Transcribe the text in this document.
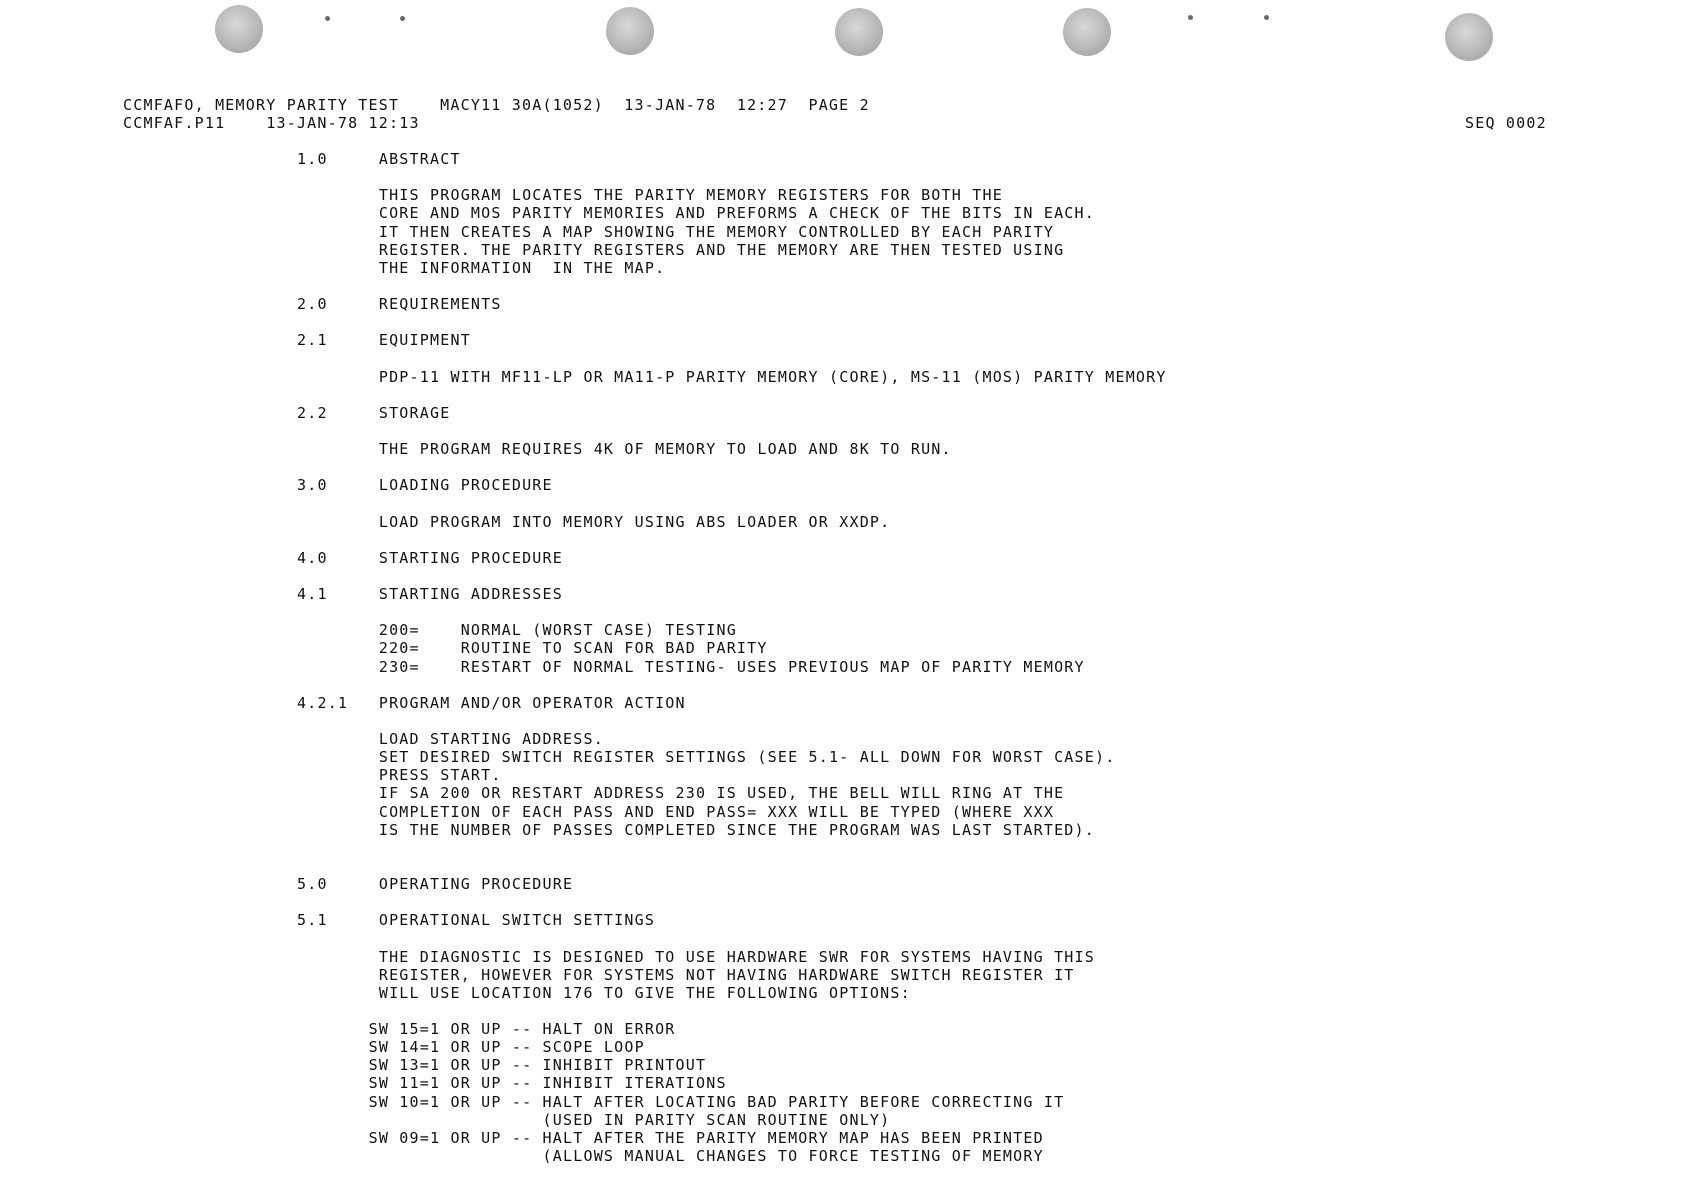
CCMFAFO, MEMORY PARITY TEST    MACY11 30A(1052)  13-JAN-78  12:27  PAGE 2
CCMFAF.P11    13-JAN-78 12:13	SEQ 0002
1.0     ABSTRACT
THIS PROGRAM LOCATES THE PARITY MEMORY REGISTERS FOR BOTH THE
CORE AND MOS PARITY MEMORIES AND PREFORMS A CHECK OF THE BITS IN EACH.
IT THEN CREATES A MAP SHOWING THE MEMORY CONTROLLED BY EACH PARITY
REGISTER. THE PARITY REGISTERS AND THE MEMORY ARE THEN TESTED USING
THE INFORMATION  IN THE MAP.
2.0     REQUIREMENTS
2.1     EQUIPMENT
PDP-11 WITH MF11-LP OR MA11-P PARITY MEMORY (CORE), MS-11 (MOS) PARITY MEMORY
2.2     STORAGE
THE PROGRAM REQUIRES 4K OF MEMORY TO LOAD AND 8K TO RUN.
3.0     LOADING PROCEDURE
LOAD PROGRAM INTO MEMORY USING ABS LOADER OR XXDP.
4.0     STARTING PROCEDURE
4.1     STARTING ADDRESSES
200=    NORMAL (WORST CASE) TESTING
220=    ROUTINE TO SCAN FOR BAD PARITY
230=    RESTART OF NORMAL TESTING- USES PREVIOUS MAP OF PARITY MEMORY
4.2.1   PROGRAM AND/OR OPERATOR ACTION
LOAD STARTING ADDRESS.
SET DESIRED SWITCH REGISTER SETTINGS (SEE 5.1- ALL DOWN FOR WORST CASE).
PRESS START.
IF SA 200 OR RESTART ADDRESS 230 IS USED, THE BELL WILL RING AT THE
COMPLETION OF EACH PASS AND END PASS= XXX WILL BE TYPED (WHERE XXX
IS THE NUMBER OF PASSES COMPLETED SINCE THE PROGRAM WAS LAST STARTED).
5.0     OPERATING PROCEDURE
5.1     OPERATIONAL SWITCH SETTINGS
THE DIAGNOSTIC IS DESIGNED TO USE HARDWARE SWR FOR SYSTEMS HAVING THIS
REGISTER, HOWEVER FOR SYSTEMS NOT HAVING HARDWARE SWITCH REGISTER IT
WILL USE LOCATION 176 TO GIVE THE FOLLOWING OPTIONS:
SW 15=1 OR UP -- HALT ON ERROR
SW 14=1 OR UP -- SCOPE LOOP
SW 13=1 OR UP -- INHIBIT PRINTOUT
SW 11=1 OR UP -- INHIBIT ITERATIONS
SW 10=1 OR UP -- HALT AFTER LOCATING BAD PARITY BEFORE CORRECTING IT
(USED IN PARITY SCAN ROUTINE ONLY)
SW 09=1 OR UP -- HALT AFTER THE PARITY MEMORY MAP HAS BEEN PRINTED
(ALLOWS MANUAL CHANGES TO FORCE TESTING OF MEMORY
